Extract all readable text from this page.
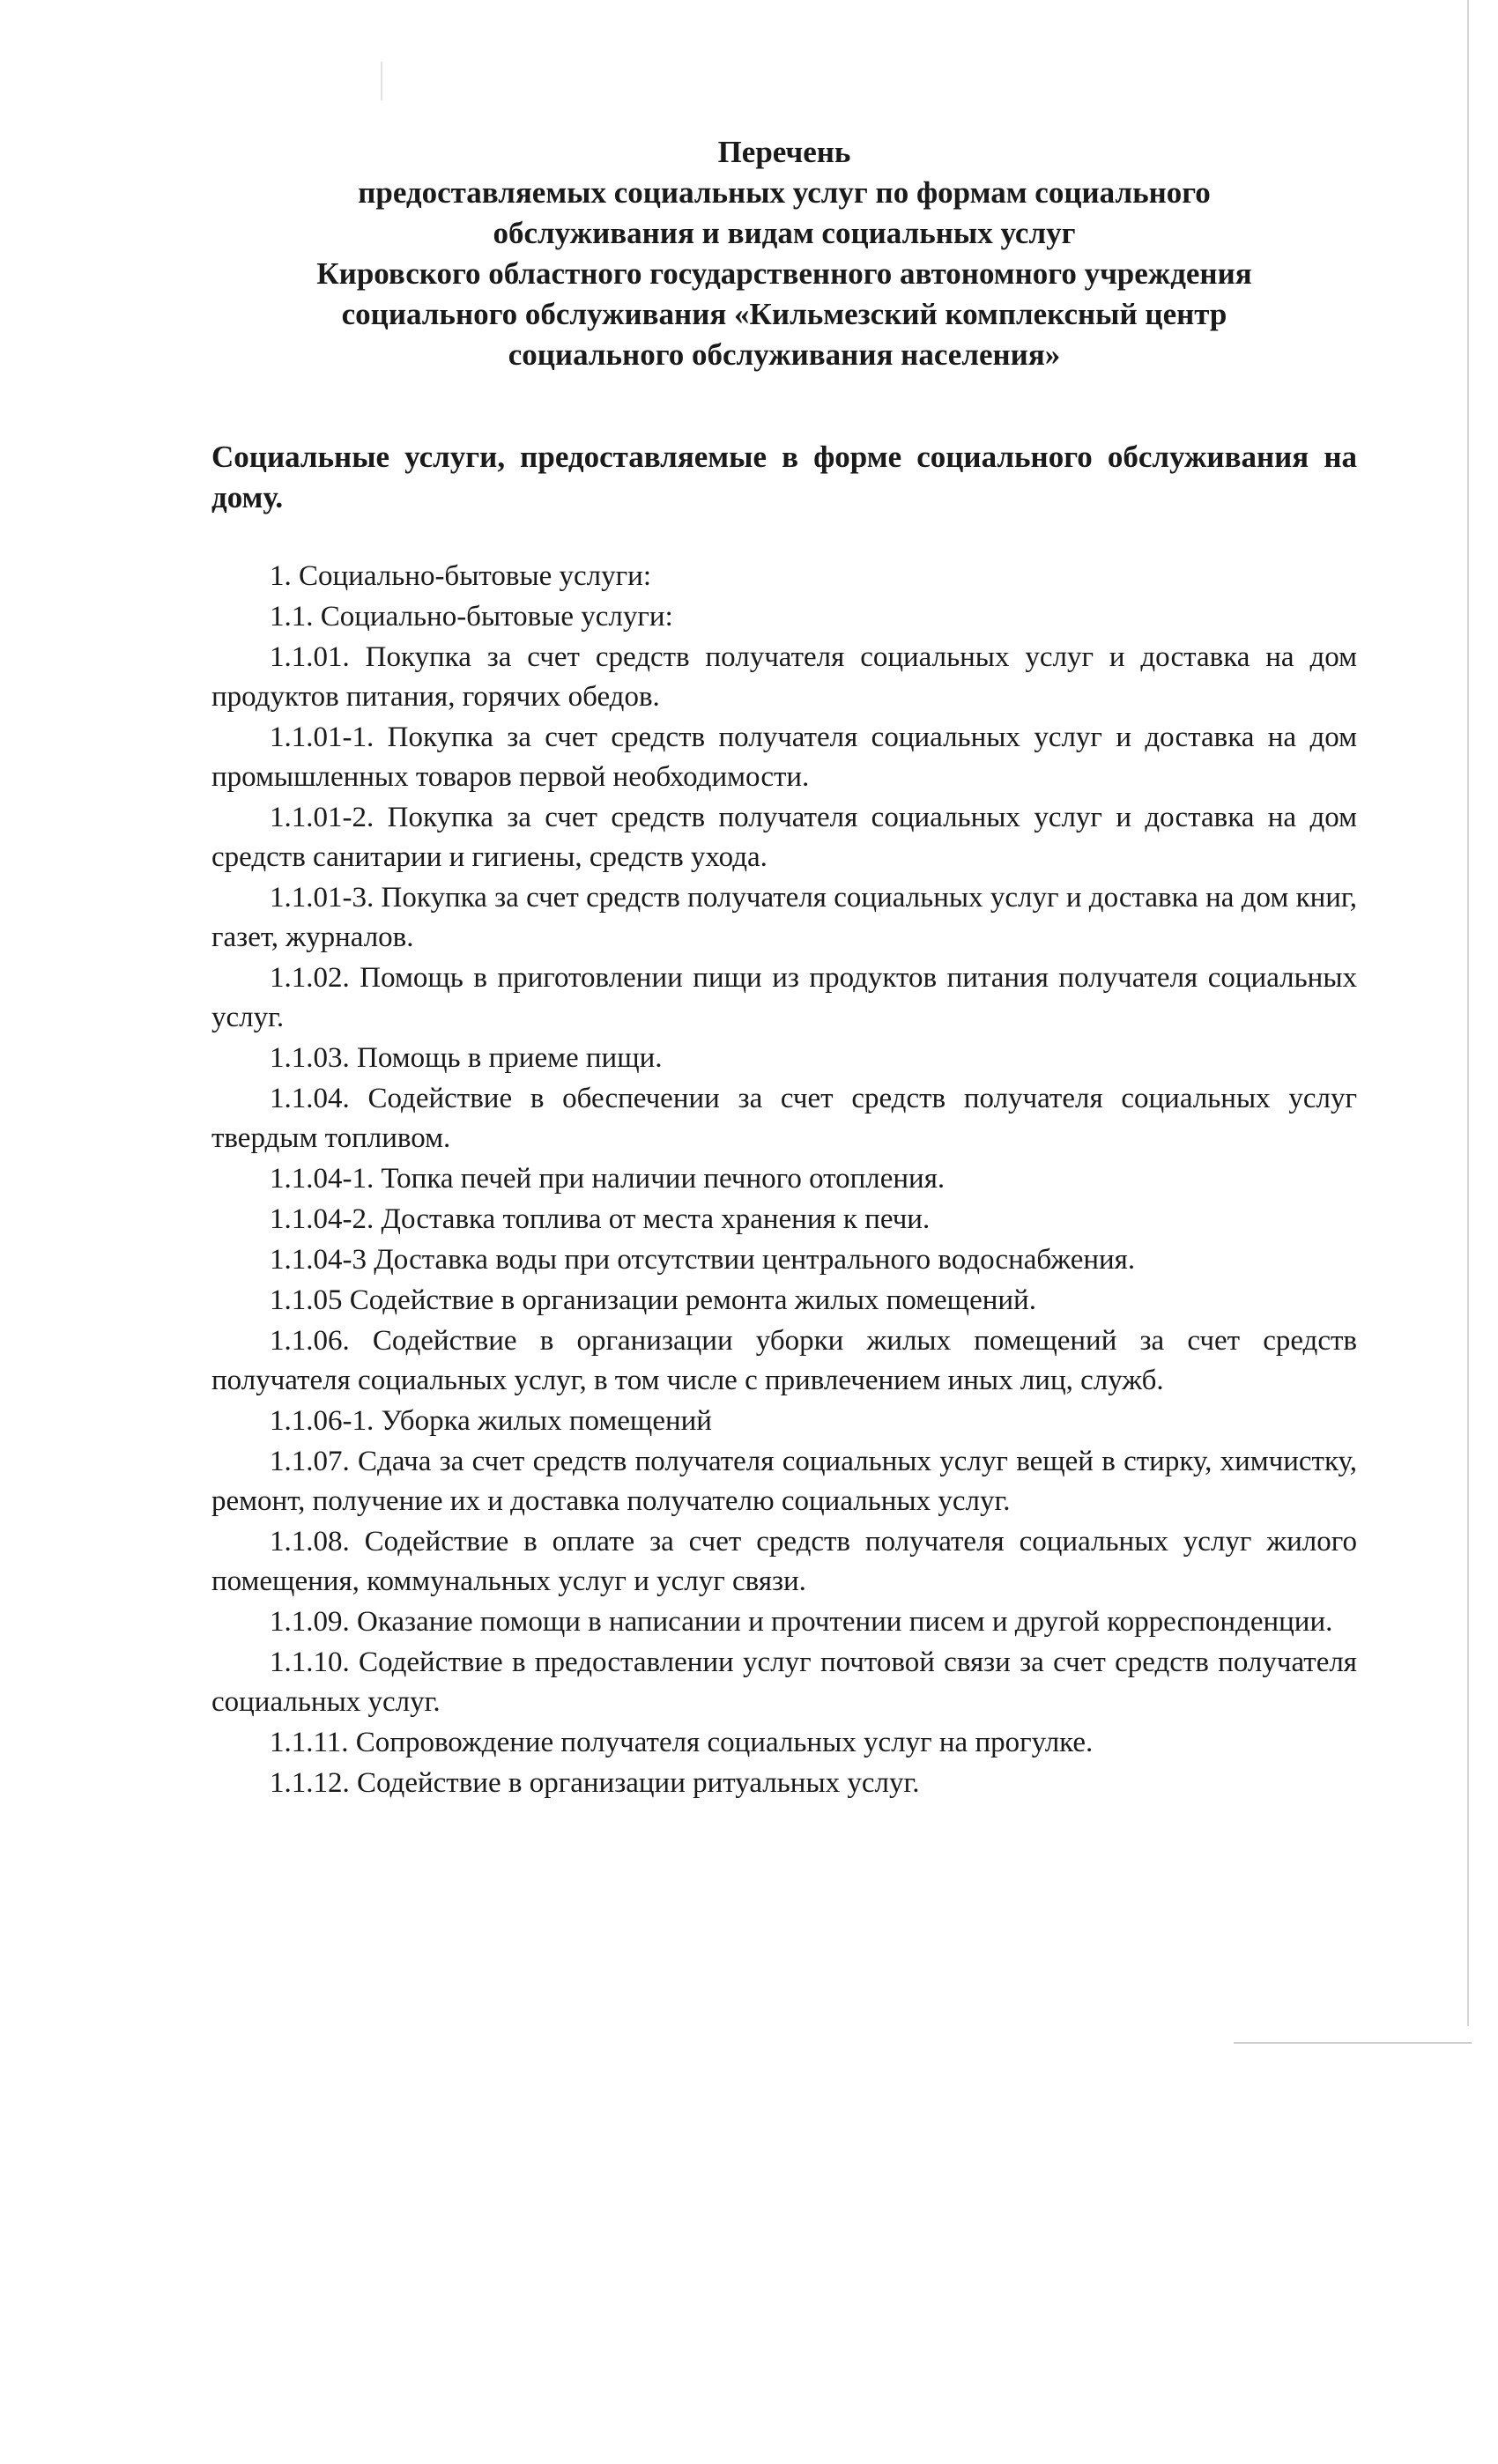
Перечень
предоставляемых социальных услуг по формам социального
обслуживания и видам социальных услуг
Кировского областного государственного автономного учреждения
социального обслуживания «Кильмезский комплексный центр
социального обслуживания населения»
Социальные услуги, предоставляемые в форме социального обслуживания на дому.

1. Социально-бытовые услуги:

1.1. Социально-бытовые услуги:

1.1.01. Покупка за счет средств получателя социальных услуг и доставка на дом продуктов питания, горячих обедов.

1.1.01-1. Покупка за счет средств получателя социальных услуг и доставка на дом промышленных товаров первой необходимости.

1.1.01-2. Покупка за счет средств получателя социальных услуг и доставка на дом средств санитарии и гигиены, средств ухода.

1.1.01-3. Покупка за счет средств получателя социальных услуг и доставка на дом книг, газет, журналов.

1.1.02. Помощь в приготовлении пищи из продуктов питания получателя социальных услуг.

1.1.03. Помощь в приеме пищи.

1.1.04. Содействие в обеспечении за счет средств получателя социальных услуг твердым топливом.

1.1.04-1. Топка печей при наличии печного отопления.

1.1.04-2. Доставка топлива от места хранения к печи.

1.1.04-3 Доставка воды при отсутствии центрального водоснабжения.

1.1.05 Содействие в организации ремонта жилых помещений.

1.1.06. Содействие в организации уборки жилых помещений за счет средств получателя социальных услуг, в том числе с привлечением иных лиц, служб.

1.1.06-1. Уборка жилых помещений

1.1.07. Сдача за счет средств получателя социальных услуг вещей в стирку, химчистку, ремонт, получение их и доставка получателю социальных услуг.

1.1.08. Содействие в оплате за счет средств получателя социальных услуг жилого помещения, коммунальных услуг и услуг связи.

1.1.09. Оказание помощи в написании и прочтении писем и другой корреспонденции.

1.1.10. Содействие в предоставлении услуг почтовой связи за счет средств получателя социальных услуг.

1.1.11. Сопровождение получателя социальных услуг на прогулке.

1.1.12. Содействие в организации ритуальных услуг.
